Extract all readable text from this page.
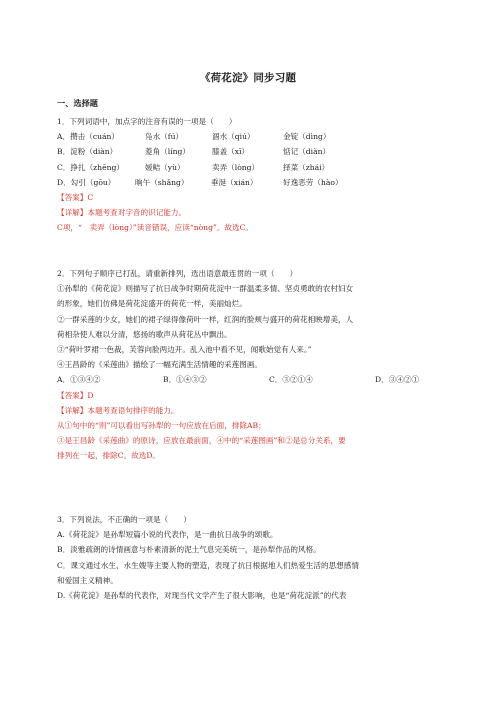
《荷花淀》同步习题
一、选择题
1．下列词语中，加点字的注音有误的一项是（　　）
A．攒击（cuán）	凫水（fú）	涸水（qiú）	金锭（dìng）
B．淀粉（diàn）	菱角（líng）	膝盖（xī）	惦记（diàn）
C．挣扎（zhēng）	媛鲒（yù）	卖弄（lòng）	择菜（zhái）
D．勾引（gōu）	晌午（shǎng）	垂涎（xián）	好逸恶劳（hào）
【答案】C
【详解】本题考查对字音的识记能力。
C项，“　卖弄（lòng）”读音错误，应读“nòng”。故选C。
2．下列句子顺序已打乱，请重新排列，选出语意最连贯的一项（　　）
①孙犁的《荷花淀》则描写了抗日战争时期荷花淀中一群温柔多情、坚贞勇敢的农村妇女
的形象，她们仿佛是荷花淀盛开的荷花一样，美丽灿烂。
②一群采莲的少女，她们的裙子绿得像荷叶一样，红润的脸颊与盛开的荷花相映增美，人
荷相杂使人难以分清，悠扬的歌声从荷花丛中飘出。
③“荷叶罗裙一色裁，芙蓉向脸两边开。乱入池中看不见，闻歌始觉有人来。”
④王昌龄的《采莲曲》描绘了一幅充满生活情趣的采莲图画。
A．①③④②	B．①④③②	C．③②①④	D．③④②①
【答案】D
【详解】本题考查语句排序的能力。
从①句中的“则”可以看出写孙犁的一句应放在后面，排除AB；
③是王昌龄《采莲曲》的原诗，应放在最前面，④中的“采莲图画”和②是总分关系，要
排列在一起，排除C。故选D。
3．下列说法，不正确的一项是（　　）
A.《荷花淀》是孙犁短篇小说的代表作，是一曲抗日战争的颂歌。
B．淡雅疏朗的诗情画意与朴素清新的泥土气息完美统一，是孙犁作品的风格。
C．课文通过水生、水生嫂等主要人物的塑造，表现了抗日根据地人们热爱生活的思想感情
和爱国主义精神。
D.《荷花淀》是孙犁的代表作，对现当代文学产生了很大影响，也是“荷花淀派”的代表
